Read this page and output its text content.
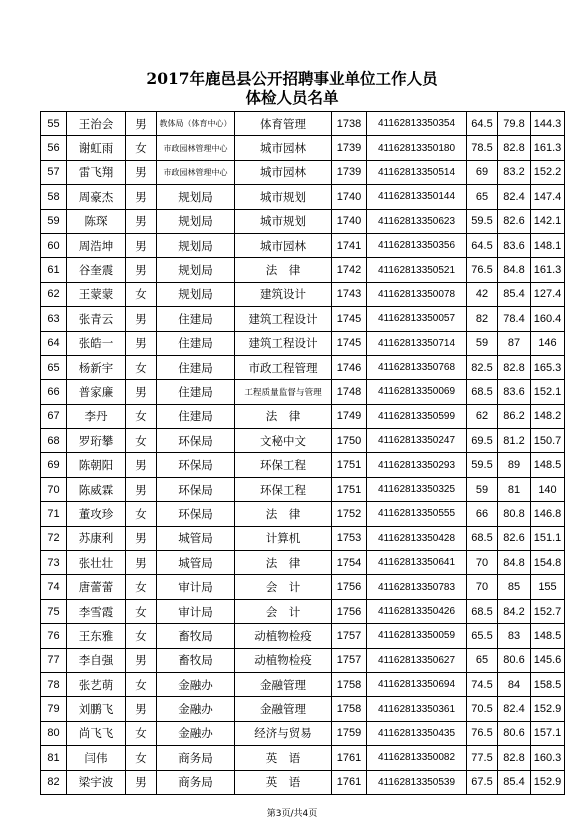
2017年鹿邑县公开招聘事业单位工作人员
体检人员名单
55	王治会	男	教体局（体育中心）	体育管理	1738	41162813350354	64.5	79.8	144.3
56	谢虹雨	女	市政园林管理中心	城市园林	1739	41162813350180	78.5	82.8	161.3
57	雷飞翔	男	市政园林管理中心	城市园林	1739	41162813350514	69	83.2	152.2
58	周豪杰	男	规划局	城市规划	1740	41162813350144	65	82.4	147.4
59	陈琛	男	规划局	城市规划	1740	41162813350623	59.5	82.6	142.1
60	周浩坤	男	规划局	城市园林	1741	41162813350356	64.5	83.6	148.1
61	谷奎震	男	规划局	法　律	1742	41162813350521	76.5	84.8	161.3
62	王蒙蒙	女	规划局	建筑设计	1743	41162813350078	42	85.4	127.4
63	张青云	男	住建局	建筑工程设计	1745	41162813350057	82	78.4	160.4
64	张皓一	男	住建局	建筑工程设计	1745	41162813350714	59	87	146
65	杨新宇	女	住建局	市政工程管理	1746	41162813350768	82.5	82.8	165.3
66	普家廉	男	住建局	工程质量监督与管理	1748	41162813350069	68.5	83.6	152.1
67	李丹	女	住建局	法　律	1749	41162813350599	62	86.2	148.2
68	罗珩攀	女	环保局	文秘中文	1750	41162813350247	69.5	81.2	150.7
69	陈朝阳	男	环保局	环保工程	1751	41162813350293	59.5	89	148.5
70	陈威霖	男	环保局	环保工程	1751	41162813350325	59	81	140
71	董攻珍	女	环保局	法　律	1752	41162813350555	66	80.8	146.8
72	苏康利	男	城管局	计算机	1753	41162813350428	68.5	82.6	151.1
73	张壮壮	男	城管局	法　律	1754	41162813350641	70	84.8	154.8
74	唐蕾蕾	女	审计局	会　计	1756	41162813350783	70	85	155
75	李雪霞	女	审计局	会　计	1756	41162813350426	68.5	84.2	152.7
76	王东雅	女	畜牧局	动植物检疫	1757	41162813350059	65.5	83	148.5
77	李自强	男	畜牧局	动植物检疫	1757	41162813350627	65	80.6	145.6
78	张艺萌	女	金融办	金融管理	1758	41162813350694	74.5	84	158.5
79	刘鹏飞	男	金融办	金融管理	1758	41162813350361	70.5	82.4	152.9
80	尚飞飞	女	金融办	经济与贸易	1759	41162813350435	76.5	80.6	157.1
81	闫伟	女	商务局	英　语	1761	41162813350082	77.5	82.8	160.3
82	梁宇波	男	商务局	英　语	1761	41162813350539	67.5	85.4	152.9
第3页/共4页
